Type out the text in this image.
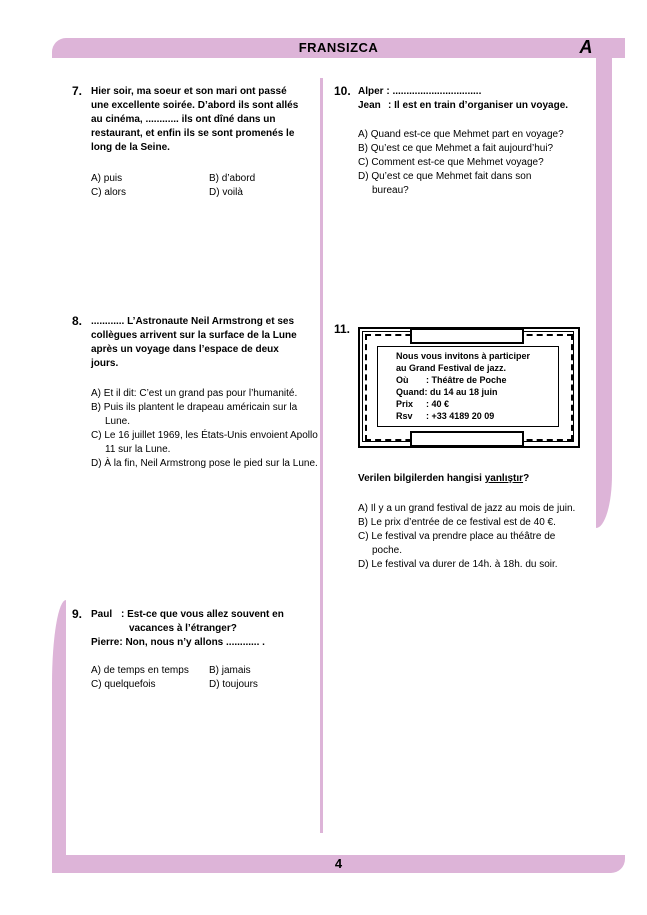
FRANSIZCA	A
4
7. Hier soir, ma soeur et son mari ont passé
une excellente soirée. D’abord ils sont allés
au cinéma, ............ ils ont dîné dans un
restaurant, et enfin ils se sont promenés le
long de la Seine.
A) puis	B) d’abord
C) alors	D) voilà
8. ............ L’Astronaute Neil Armstrong et ses
collègues arrivent sur la surface de la Lune
après un voyage dans l’espace de deux
jours.
A) Et il dit: C’est un grand pas pour l’humanité.
B) Puis ils plantent le drapeau américain sur la Lune.
C) Le 16 juillet 1969, les États-Unis envoient Apollo 11 sur la Lune.
D) À la fin, Neil Armstrong pose le pied sur la Lune.
9. Paul : Est-ce que vous allez souvent en
vacances à l’étranger?
Pierre: Non, nous n’y allons ............ .
A) de temps en temps B) jamais
C) quelquefois	D) toujours
10. Alper : ................................
Jean : Il est en train d’organiser un voyage.
A) Quand est-ce que Mehmet part en voyage?
B) Qu’est ce que Mehmet a fait aujourd’hui?
C) Comment est-ce que Mehmet voyage?
D) Qu’est ce que Mehmet fait dans son bureau?
11.
Nous vous invitons à participer
au Grand Festival de jazz.
Où : Théâtre de Poche
Quand: du 14 au 18 juin
Prix : 40 €
Rsv : +33 4189 20 09
Verilen bilgilerden hangisi yanlıştır?
A) Il y a un grand festival de jazz au mois de juin.
B) Le prix d’entrée de ce festival est de 40 €.
C) Le festival va prendre place au théâtre de poche.
D) Le festival va durer de 14h. à 18h. du soir.
